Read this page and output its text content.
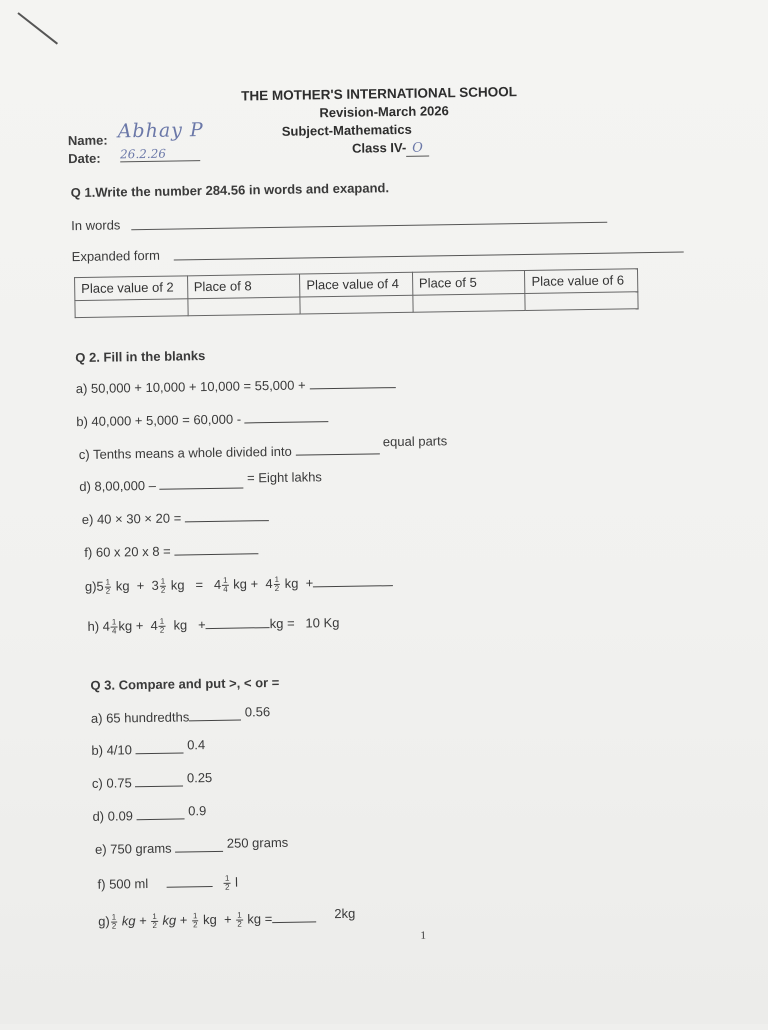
THE MOTHER'S INTERNATIONAL SCHOOL
Revision-March 2026
Subject-Mathematics
Class IV- O
Name: Abhay P
Date: 26.2.26
Q 1.Write the number 284.56 in words and exapand.
In words
Expanded form
Place value of 2	Place of 8	Place value of 4	Place of 5	Place value of 6

Q 2. Fill in the blanks
a) 50,000 + 10,000 + 10,000 = 55,000 +
b) 40,000 + 5,000 = 60,000 -
c) Tenths means a whole divided into  equal parts
d) 8,00,000 –  = Eight lakhs
e) 40 × 30 × 20 =
f) 60 x 20 x 8 =
$g)5 \frac{1}{2}$ kg + $3 \frac{1}{2}$ kg = $4 \frac{1}{4}$ kg + $4 \frac{1}{2}$ kg +
h) $4 \frac{1}{4}$ kg + $4 \frac{1}{2}$ kg +	kg = 10 Kg
Q 3. Compare and put >, < or =
a) 65 hundredths	0.56
b) 4/10	0.4
c) 0.75	0.25
d) 0.09	0.9
e) 750 grams	250 grams
f) 500 ml	$\frac{1}{2}$ l
$g) \frac{1}{2}$ kg + $\frac{1}{2}$ kg + $\frac{1}{2}$ kg + $\frac{1}{2}$ kg =	2kg
1
